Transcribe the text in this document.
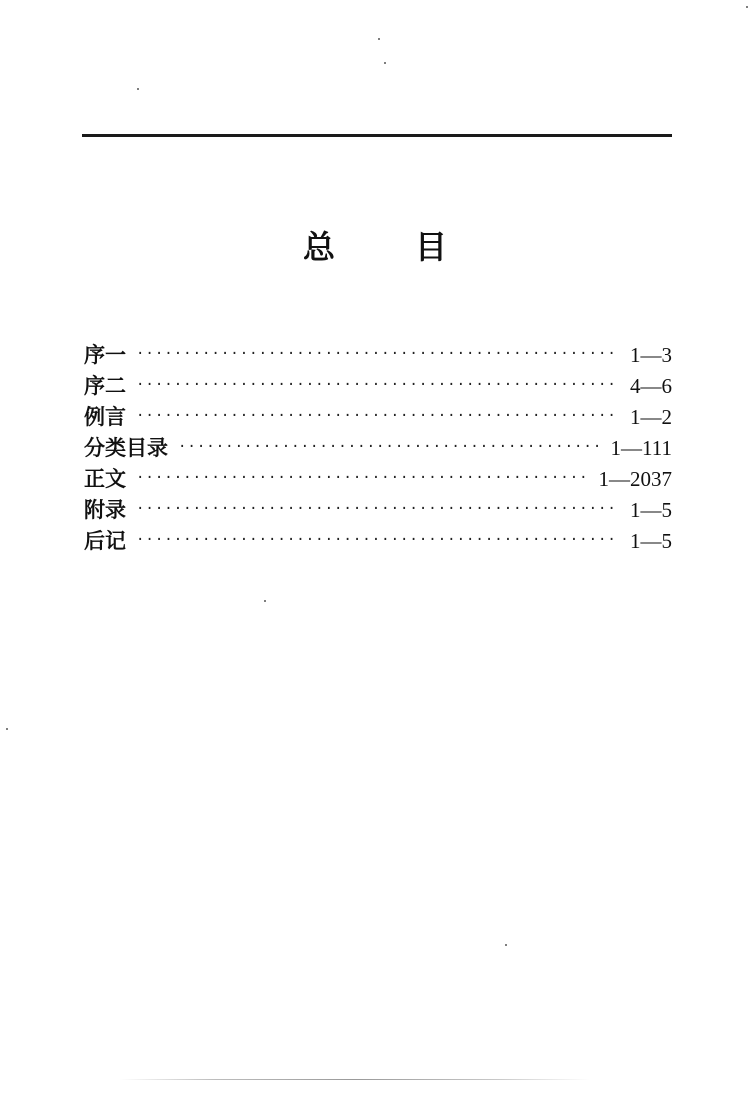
总	目
序一 ·····	1—3
序二 ·····	4—6
例言 ·····	1—2
分类目录 ·····	1—111
正文 ·····	1—2037
附录 ·····	1—5
后记 ·····	1—5
